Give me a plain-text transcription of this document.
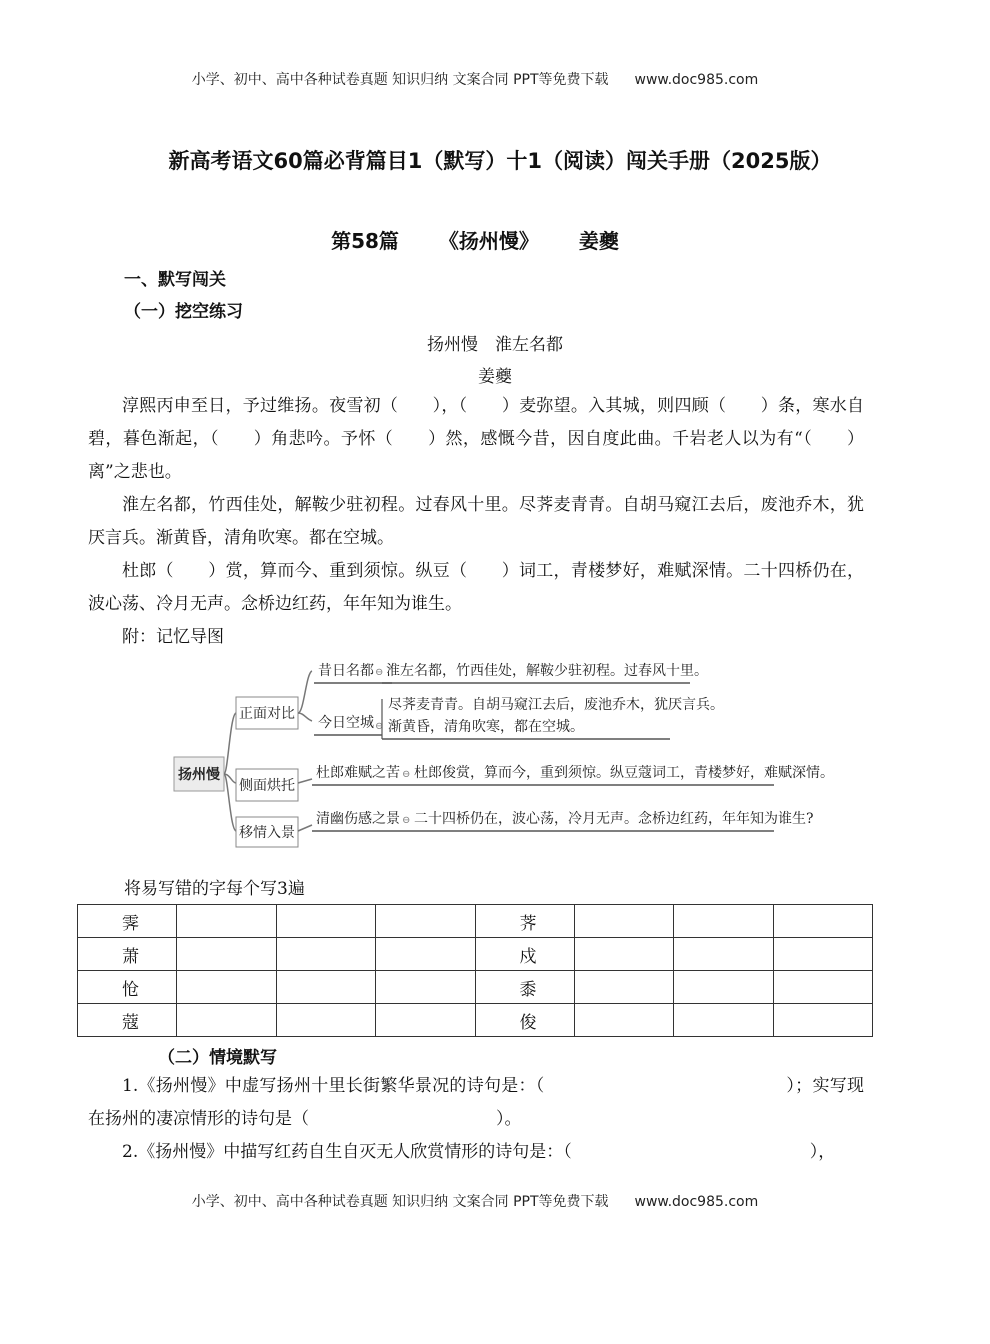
小学、初中、高中各种试卷真题 知识归纳 文案合同 PPT等免费下载 www.doc985.com
新高考语文60篇必背篇目1（默写）十1（阅读）闯关手册（2025版）
第58篇 《扬州慢》 姜夔
一、默写闯关
（一）挖空练习
扬州慢　淮左名都
姜夔

淳熙丙申至日，予过维扬。夜雪初（　　），（　　）麦弥望。入其城，则四顾（　　）条，寒水自碧，暮色渐起，（　　）角悲吟。予怀（　　）然，感慨今昔，因自度此曲。千岩老人以为有“（　　）离”之悲也。

淮左名都，竹西佳处，解鞍少驻初程。过春风十里。尽荠麦青青。自胡马窥江去后，废池乔木，犹厌言兵。渐黄昏，清角吹寒。都在空城。

杜郎（　　）赏，算而今、重到须惊。纵豆（　　）词工，青楼梦好，难赋深情。二十四桥仍在，波心荡、冷月无声。念桥边红药，年年知为谁生。

附：记忆导图

扬州慢
正面对比
昔日名都 ⊖ 淮左名都，竹西佳处，解鞍少驻初程。过春风十里。
今日空城 ⊖
尽荠麦青青。自胡马窥江去后，废池乔木，犹厌言兵。
渐黄昏，清角吹寒，都在空城。
侧面烘托
杜郎难赋之苦 ⊖ 杜郎俊赏，算而今，重到须惊。纵豆蔻词工，青楼梦好，难赋深情。
移情入景
清幽伤感之景 ⊖ 二十四桥仍在，波心荡，冷月无声。念桥边红药，年年知为谁生?
将易写错的字每个写3遍
霁				荠			
萧				戍			
怆				黍			
蔻				俊			
（二）情境默写

1.《扬州慢》中虚写扬州十里长街繁华景况的诗句是：（　　　　　　　　　　　　　　）；实写现在扬州的凄凉情形的诗句是（　　　　　　　　　　　）。

2.《扬州慢》中描写红药自生自灭无人欣赏情形的诗句是：（　　　　　　　　　　　　　　），

小学、初中、高中各种试卷真题 知识归纳 文案合同 PPT等免费下载 www.doc985.com
